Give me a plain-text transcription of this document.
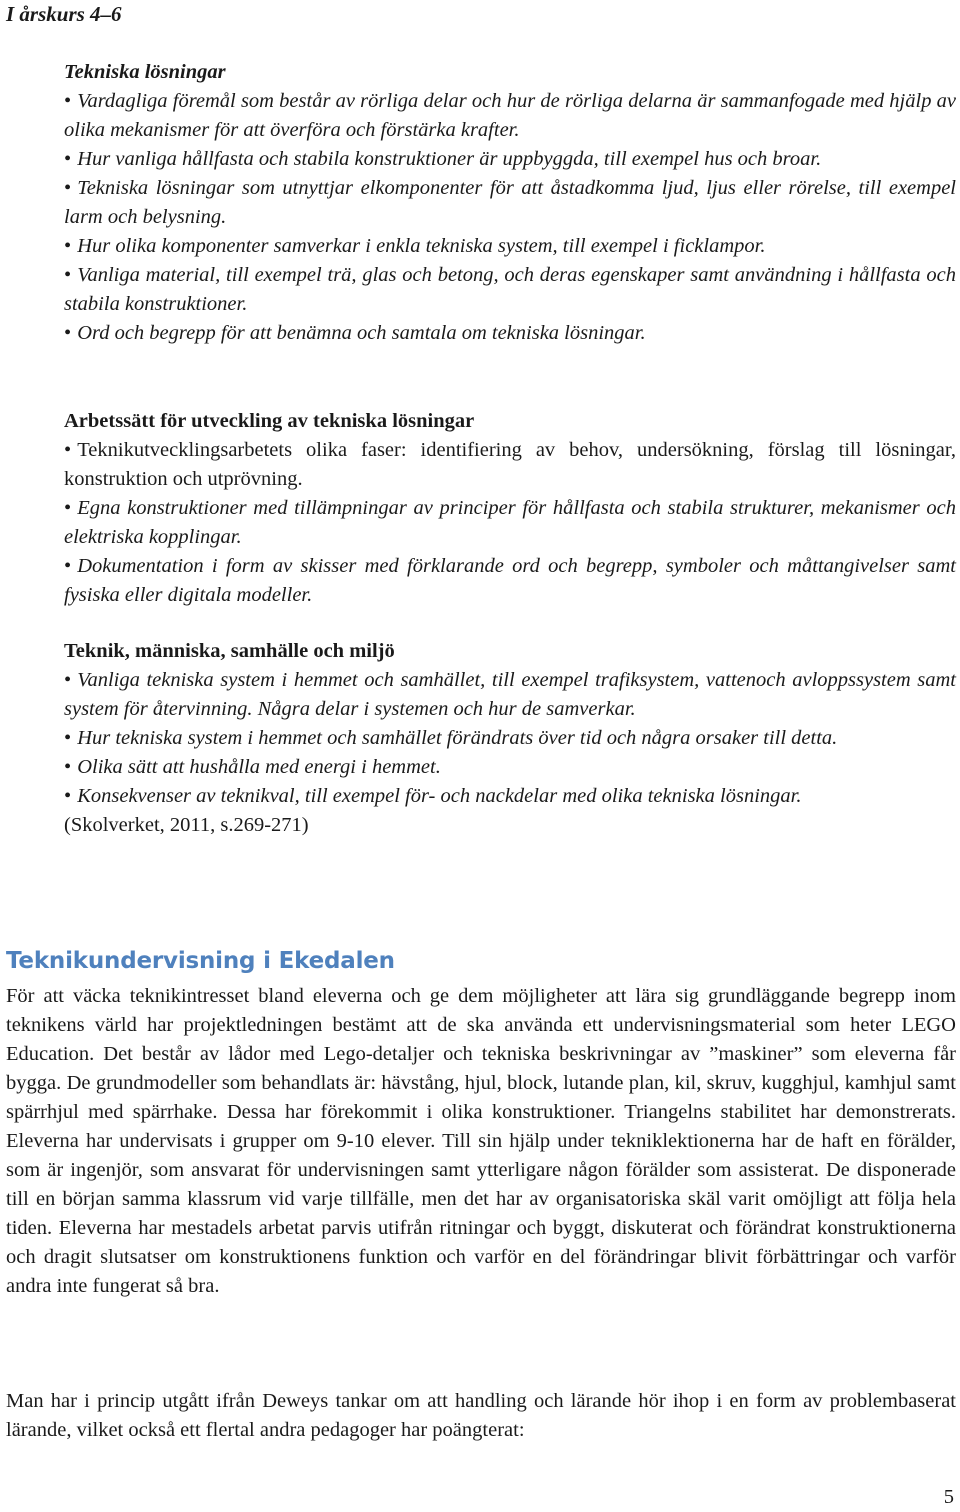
I årskurs 4–6
Tekniska lösningar

• Vardagliga föremål som består av rörliga delar och hur de rörliga delarna är sammanfogade med hjälp av olika mekanismer för att överföra och förstärka krafter.

• Hur vanliga hållfasta och stabila konstruktioner är uppbyggda, till exempel hus och broar.

• Tekniska lösningar som utnyttjar elkomponenter för att åstadkomma ljud, ljus eller rörelse, till exempel larm och belysning.

• Hur olika komponenter samverkar i enkla tekniska system, till exempel i ficklampor.

• Vanliga material, till exempel trä, glas och betong, och deras egenskaper samt användning i hållfasta och stabila konstruktioner.

• Ord och begrepp för att benämna och samtala om tekniska lösningar.

Arbetssätt för utveckling av tekniska lösningar

• Teknikutvecklingsarbetets olika faser: identifiering av behov, undersökning, förslag till lösningar, konstruktion och utprövning.

• Egna konstruktioner med tillämpningar av principer för hållfasta och stabila strukturer, mekanismer och elektriska kopplingar.

• Dokumentation i form av skisser med förklarande ord och begrepp, symboler och måttangivelser samt fysiska eller digitala modeller.

Teknik, människa, samhälle och miljö

• Vanliga tekniska system i hemmet och samhället, till exempel trafiksystem, vattenoch avloppssystem samt system för återvinning. Några delar i systemen och hur de samverkar.

• Hur tekniska system i hemmet och samhället förändrats över tid och några orsaker till detta.

• Olika sätt att hushålla med energi i hemmet.

• Konsekvenser av teknikval, till exempel för- och nackdelar med olika tekniska lösningar.

(Skolverket, 2011, s.269-271)

Teknikundervisning i Ekedalen

För att väcka teknikintresset bland eleverna och ge dem möjligheter att lära sig grundläggande begrepp inom teknikens värld har projektledningen bestämt att de ska använda ett undervisningsmaterial som heter LEGO Education. Det består av lådor med Lego-detaljer och tekniska beskrivningar av ”maskiner” som eleverna får bygga. De grundmodeller som behandlats är: hävstång, hjul, block, lutande plan, kil, skruv, kugghjul, kamhjul samt spärrhjul med spärrhake. Dessa har förekommit i olika konstruktioner. Triangelns stabilitet har demonstrerats. Eleverna har undervisats i grupper om 9-10 elever. Till sin hjälp under tekniklektionerna har de haft en förälder, som är ingenjör, som ansvarat för undervisningen samt ytterligare någon förälder som assisterat. De disponerade till en början samma klassrum vid varje tillfälle, men det har av organisatoriska skäl varit omöjligt att följa hela tiden. Eleverna har mestadels arbetat parvis utifrån ritningar och byggt, diskuterat och förändrat konstruktionerna och dragit slutsatser om konstruktionens funktion och varför en del förändringar blivit förbättringar och varför andra inte fungerat så bra.

Man har i princip utgått ifrån Deweys tankar om att handling och lärande hör ihop i en form av problembaserat lärande, vilket också ett flertal andra pedagoger har poängterat:

5
